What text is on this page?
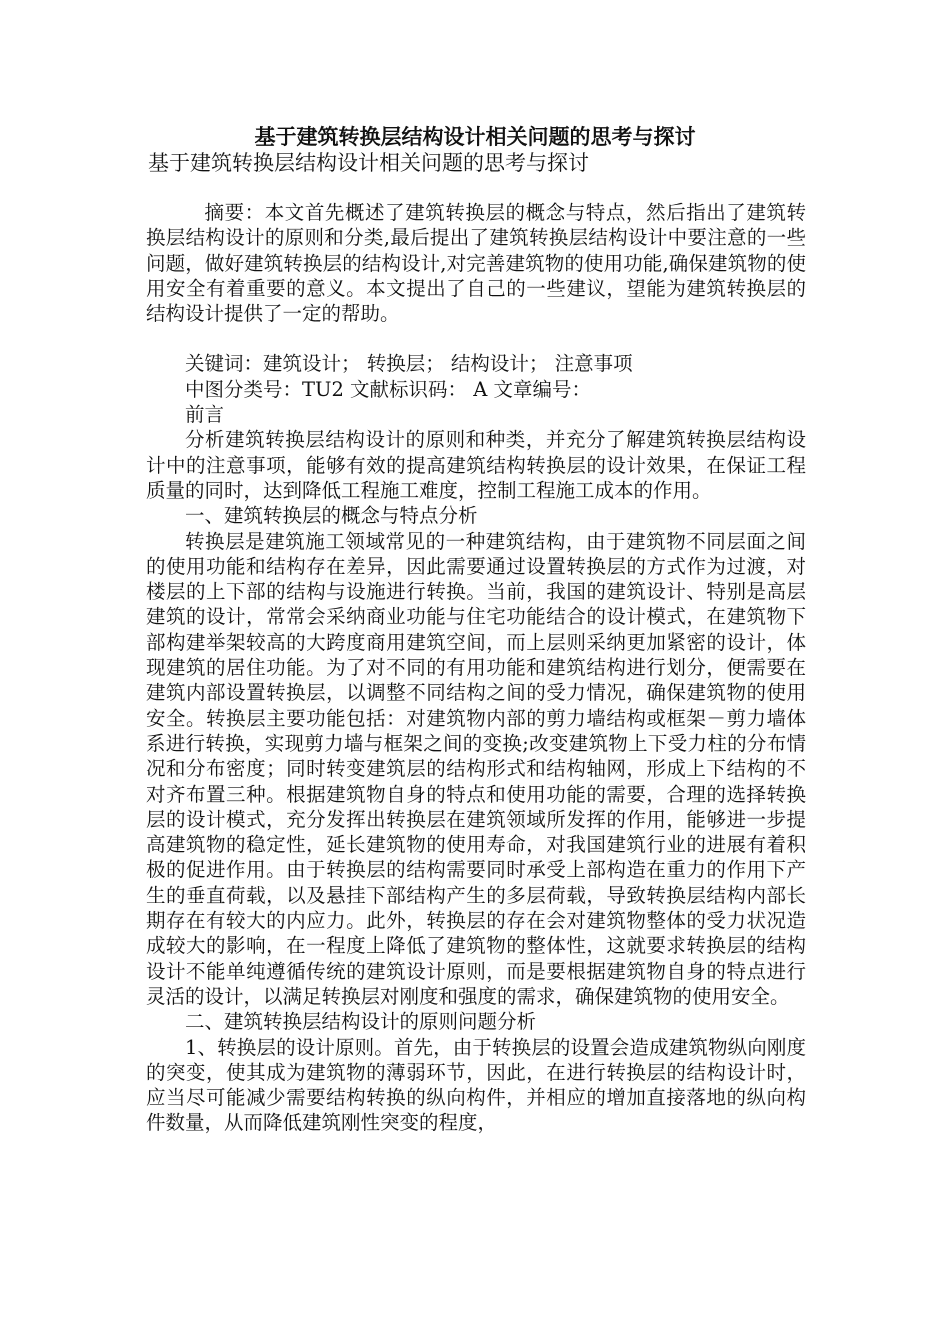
基于建筑转换层结构设计相关问题的思考与探讨
基于建筑转换层结构设计相关问题的思考与探讨

摘要：本文首先概述了建筑转换层的概念与特点，然后指出了建筑转换层结构设计的原则和分类,最后提出了建筑转换层结构设计中要注意的一些问题，做好建筑转换层的结构设计,对完善建筑物的使用功能,确保建筑物的使用安全有着重要的意义。本文提出了自己的一些建议，望能为建筑转换层的结构设计提供了一定的帮助。

关键词：建筑设计； 转换层； 结构设计； 注意事项

中图分类号：TU2 文献标识码： A 文章编号：

前言

分析建筑转换层结构设计的原则和种类，并充分了解建筑转换层结构设计中的注意事项，能够有效的提高建筑结构转换层的设计效果，在保证工程质量的同时，达到降低工程施工难度，控制工程施工成本的作用。

一、建筑转换层的概念与特点分析

转换层是建筑施工领域常见的一种建筑结构，由于建筑物不同层面之间的使用功能和结构存在差异，因此需要通过设置转换层的方式作为过渡，对楼层的上下部的结构与设施进行转换。当前，我国的建筑设计、特别是高层建筑的设计，常常会采纳商业功能与住宅功能结合的设计模式，在建筑物下部构建举架较高的大跨度商用建筑空间，而上层则采纳更加紧密的设计，体现建筑的居住功能。为了对不同的有用功能和建筑结构进行划分，便需要在建筑内部设置转换层，以调整不同结构之间的受力情况，确保建筑物的使用安全。转换层主要功能包括：对建筑物内部的剪力墙结构或框架－剪力墙体系进行转换，实现剪力墙与框架之间的变换;改变建筑物上下受力柱的分布情况和分布密度；同时转变建筑层的结构形式和结构轴网，形成上下结构的不对齐布置三种。根据建筑物自身的特点和使用功能的需要，合理的选择转换层的设计模式，充分发挥出转换层在建筑领域所发挥的作用，能够进一步提高建筑物的稳定性，延长建筑物的使用寿命，对我国建筑行业的进展有着积极的促进作用。由于转换层的结构需要同时承受上部构造在重力的作用下产生的垂直荷载，以及悬挂下部结构产生的多层荷载，导致转换层结构内部长期存在有较大的内应力。此外，转换层的存在会对建筑物整体的受力状况造成较大的影响，在一程度上降低了建筑物的整体性，这就要求转换层的结构设计不能单纯遵循传统的建筑设计原则，而是要根据建筑物自身的特点进行灵活的设计，以满足转换层对刚度和强度的需求，确保建筑物的使用安全。

二、建筑转换层结构设计的原则问题分析

1、转换层的设计原则。首先，由于转换层的设置会造成建筑物纵向刚度的突变，使其成为建筑物的薄弱环节，因此，在进行转换层的结构设计时，应当尽可能减少需要结构转换的纵向构件，并相应的增加直接落地的纵向构件数量，从而降低建筑刚性突变的程度，
